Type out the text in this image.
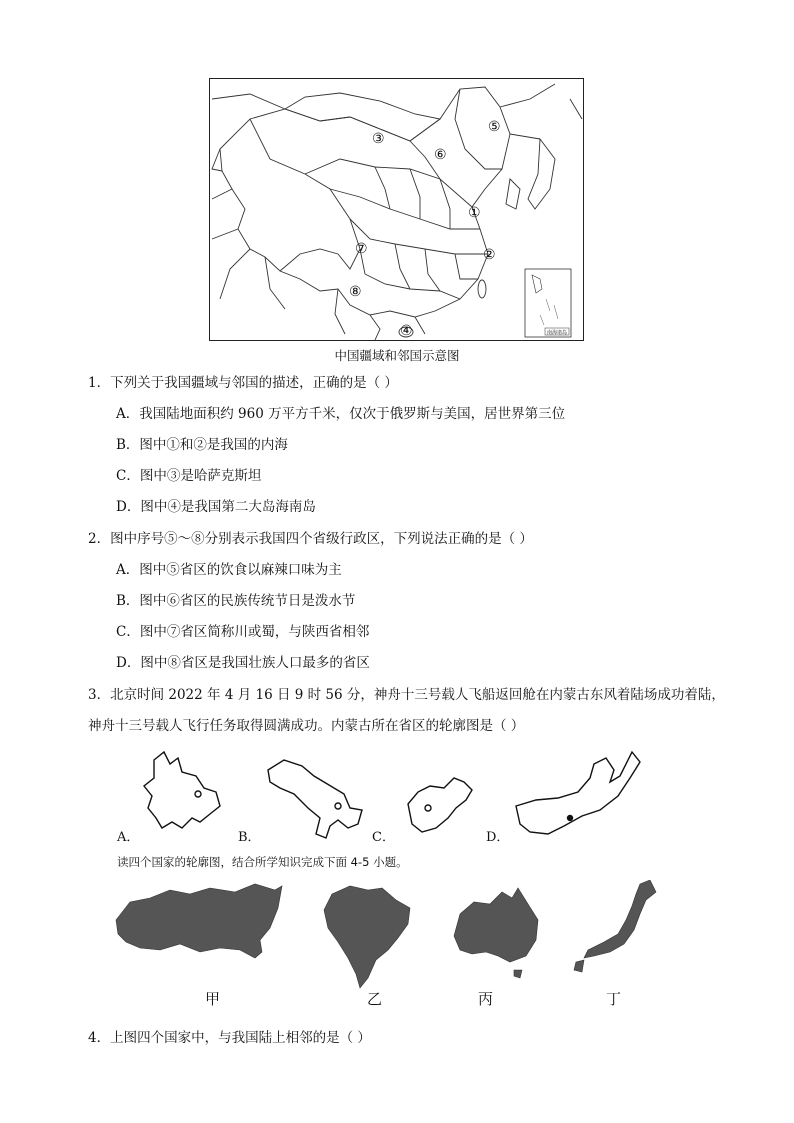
③
⑤
⑥
①
②
⑦
⑧
④	南海诸岛
中国疆域和邻国示意图
1．下列关于我国疆域与邻国的描述，正确的是（ ）
A．我国陆地面积约 960 万平方千米，仅次于俄罗斯与美国，居世界第三位
B．图中①和②是我国的内海
C．图中③是哈萨克斯坦
D．图中④是我国第二大岛海南岛
2．图中序号⑤～⑧分别表示我国四个省级行政区，下列说法正确的是（ ）
A．图中⑤省区的饮食以麻辣口味为主
B．图中⑥省区的民族传统节日是泼水节
C．图中⑦省区简称川或蜀，与陕西省相邻
D．图中⑧省区是我国壮族人口最多的省区
3．北京时间 2022 年 4 月 16 日 9 时 56 分，神舟十三号载人飞船返回舱在内蒙古东风着陆场成功着陆，
神舟十三号载人飞行任务取得圆满成功。内蒙古所在省区的轮廓图是（ ）
A．	B．	C．	D．
读四个国家的轮廓图，结合所学知识完成下面 4-5 小题。
甲	乙	丙	丁
4．上图四个国家中，与我国陆上相邻的是（ ）
